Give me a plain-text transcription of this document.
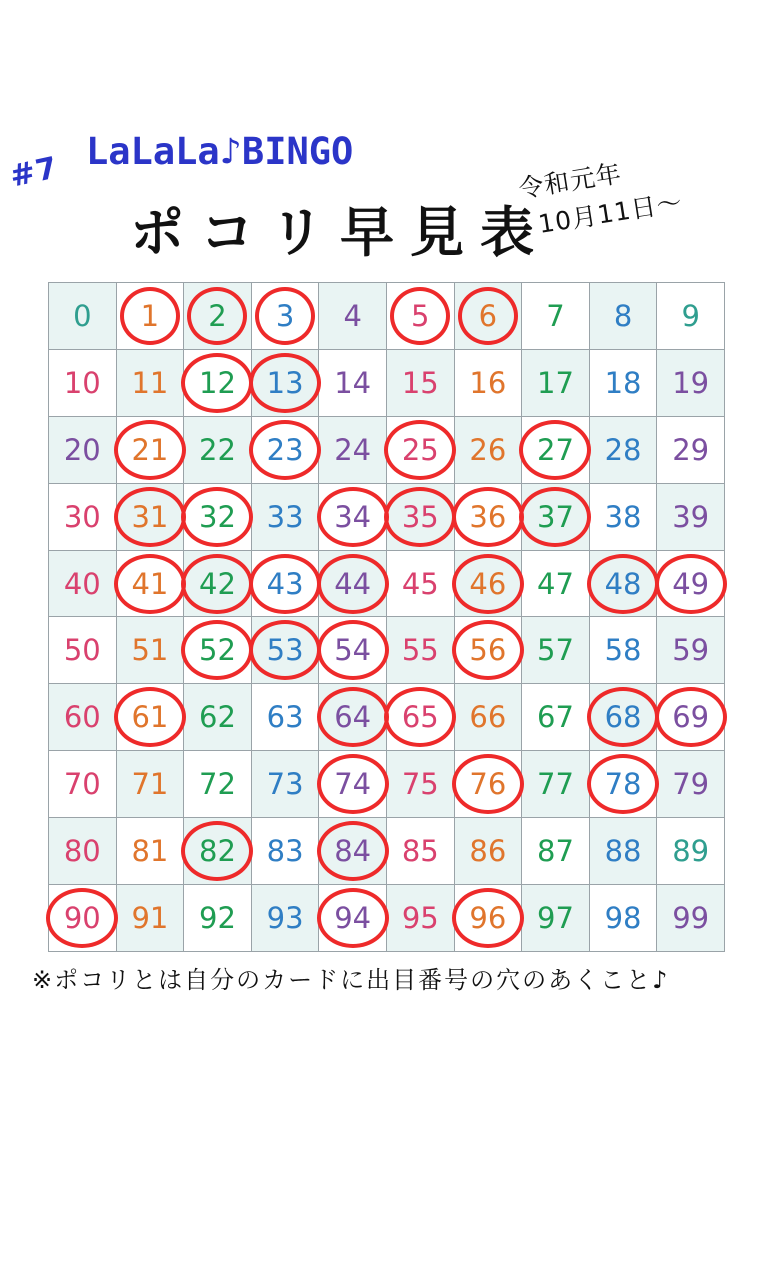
#7 LaLaLa♪BINGO
ポコリ早見表
令和元年
10月11日〜
0	1	2	3	4	5	6	7	8	9
10	11	12	13	14	15	16	17	18	19
20	21	22	23	24	25	26	27	28	29
30	31	32	33	34	35	36	37	38	39
40	41	42	43	44	45	46	47	48	49
50	51	52	53	54	55	56	57	58	59
60	61	62	63	64	65	66	67	68	69
70	71	72	73	74	75	76	77	78	79
80	81	82	83	84	85	86	87	88	89

90	91	92	93	94	95	96	97	98	99
※ポコリとは自分のカードに出目番号の穴のあくこと♪
